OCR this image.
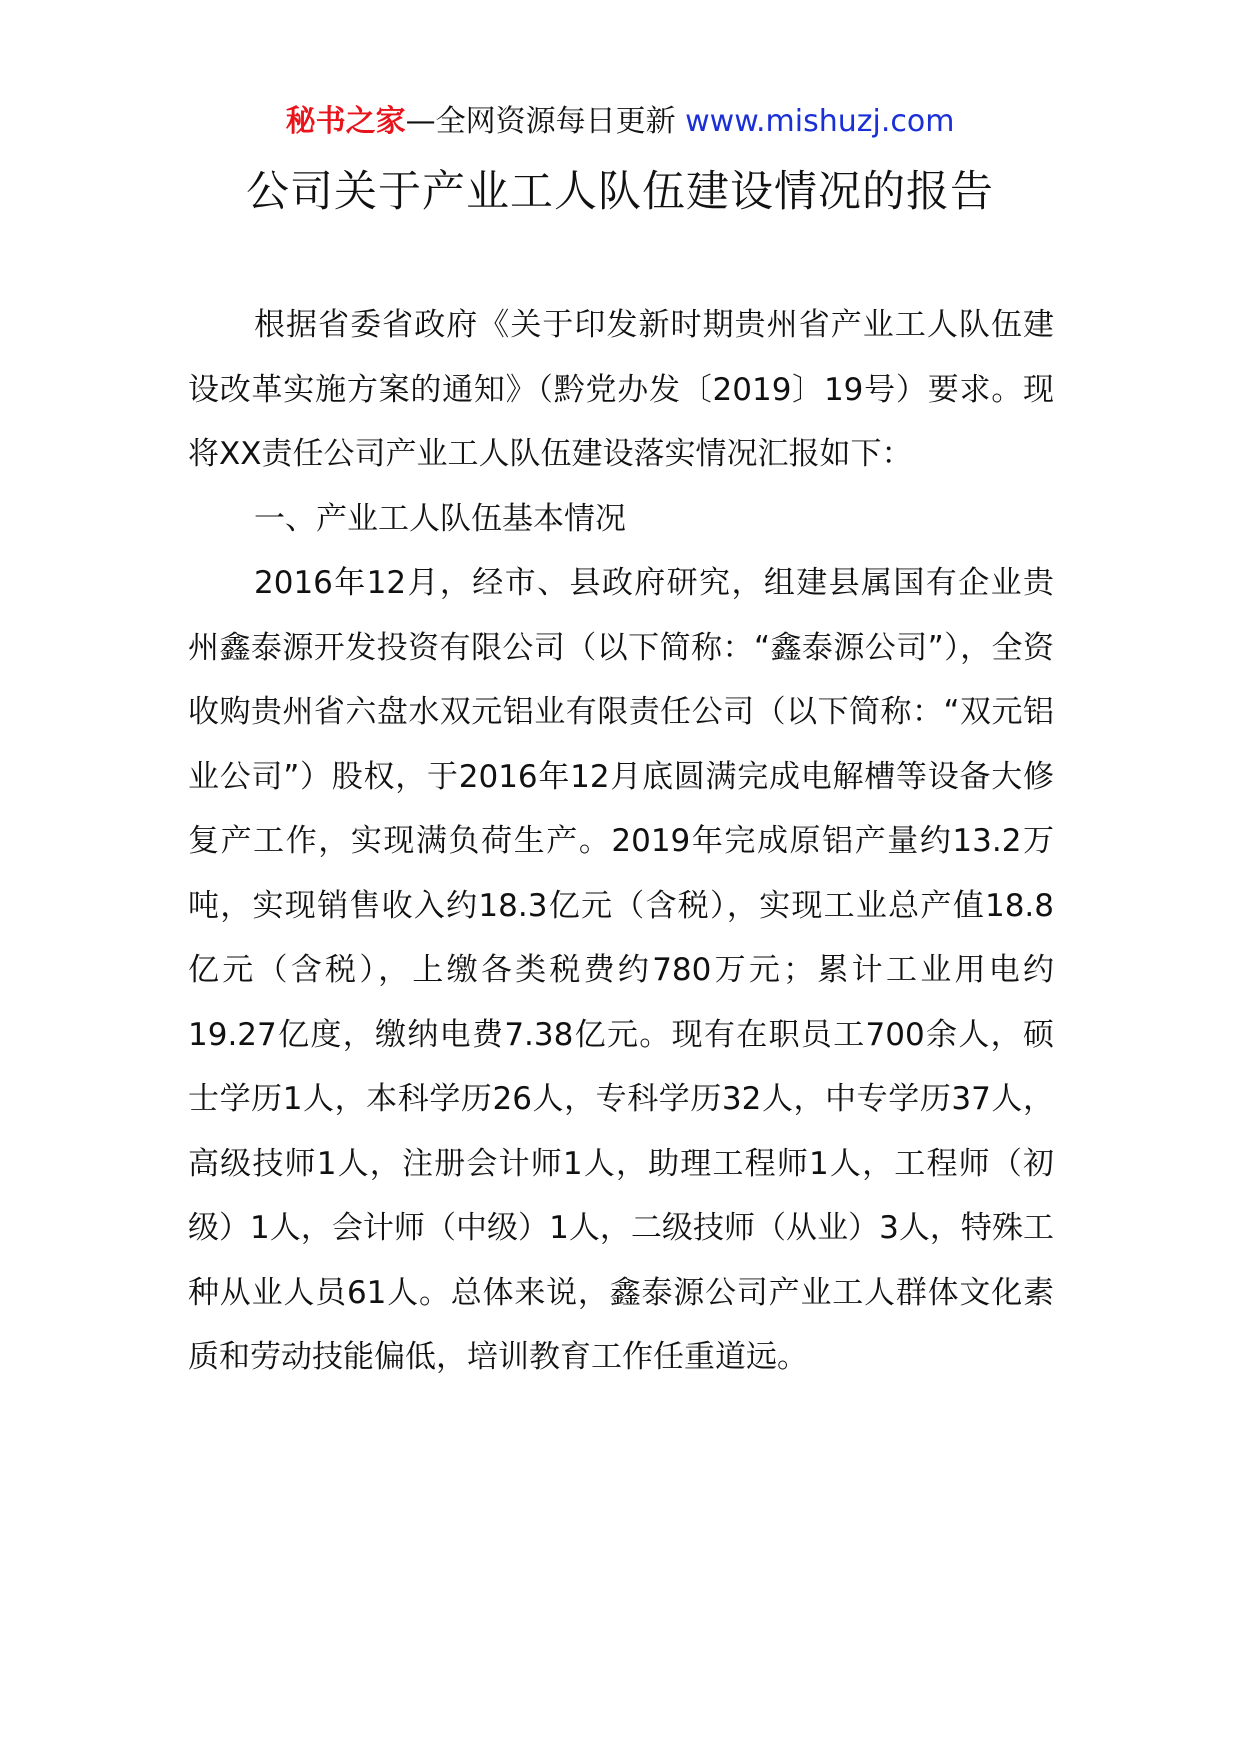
秘书之家—全网资源每日更新 www.mishuzj.com
公司关于产业工人队伍建设情况的报告

根据省委省政府《关于印发新时期贵州省产业工人队伍建设改革实施方案的通知》（黔党办发〔2019〕19号）要求。现将XX责任公司产业工人队伍建设落实情况汇报如下：

一、产业工人队伍基本情况

2016年12月，经市、县政府研究，组建县属国有企业贵州鑫泰源开发投资有限公司（以下简称：“鑫泰源公司”），全资收购贵州省六盘水双元铝业有限责任公司（以下简称：“双元铝业公司”）股权，于2016年12月底圆满完成电解槽等设备大修复产工作，实现满负荷生产。2019年完成原铝产量约13.2万吨，实现销售收入约18.3亿元（含税），实现工业总产值18.8亿元（含税），上缴各类税费约780万元；累计工业用电约19.27亿度，缴纳电费7.38亿元。现有在职员工700余人，硕士学历1人，本科学历26人，专科学历32人，中专学历37人，高级技师1人，注册会计师1人，助理工程师1人，工程师（初级）1人，会计师（中级）1人，二级技师（从业）3人，特殊工种从业人员61人。总体来说，鑫泰源公司产业工人群体文化素质和劳动技能偏低，培训教育工作任重道远。
